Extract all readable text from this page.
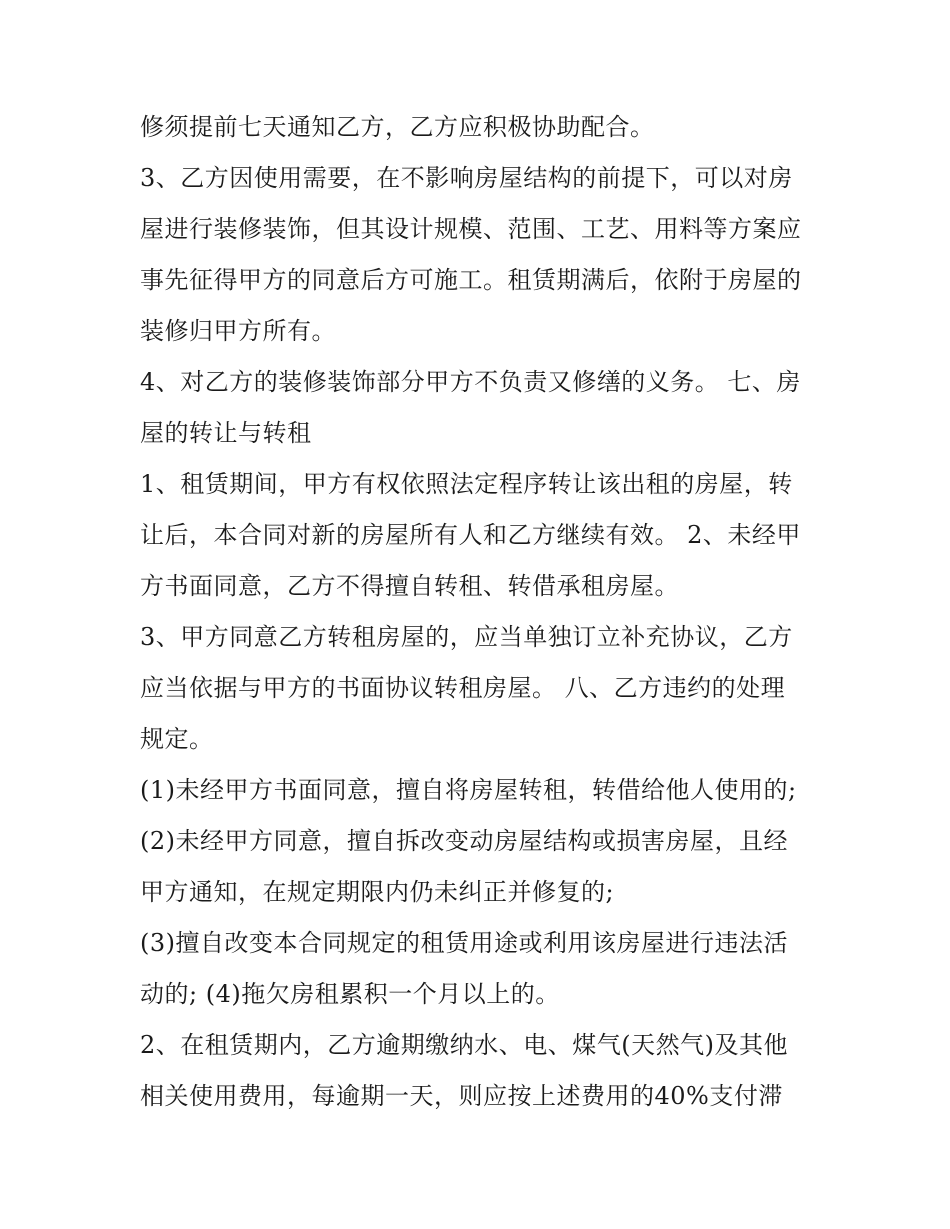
修须提前七天通知乙方，乙方应积极协助配合。
3、乙方因使用需要，在不影响房屋结构的前提下，可以对房
屋进行装修装饰，但其设计规模、范围、工艺、用料等方案应
事先征得甲方的同意后方可施工。租赁期满后，依附于房屋的
装修归甲方所有。
4、对乙方的装修装饰部分甲方不负责又修缮的义务。 七、房
屋的转让与转租
1、租赁期间，甲方有权依照法定程序转让该出租的房屋，转
让后，本合同对新的房屋所有人和乙方继续有效。 2、未经甲
方书面同意，乙方不得擅自转租、转借承租房屋。
3、甲方同意乙方转租房屋的，应当单独订立补充协议，乙方
应当依据与甲方的书面协议转租房屋。 八、乙方违约的处理
规定。
(1)未经甲方书面同意，擅自将房屋转租，转借给他人使用的;
(2)未经甲方同意，擅自拆改变动房屋结构或损害房屋，且经
甲方通知，在规定期限内仍未纠正并修复的;
(3)擅自改变本合同规定的租赁用途或利用该房屋进行违法活
动的; (4)拖欠房租累积一个月以上的。
2、在租赁期内，乙方逾期缴纳水、电、煤气(天然气)及其他
相关使用费用，每逾期一天，则应按上述费用的40%支付滞
